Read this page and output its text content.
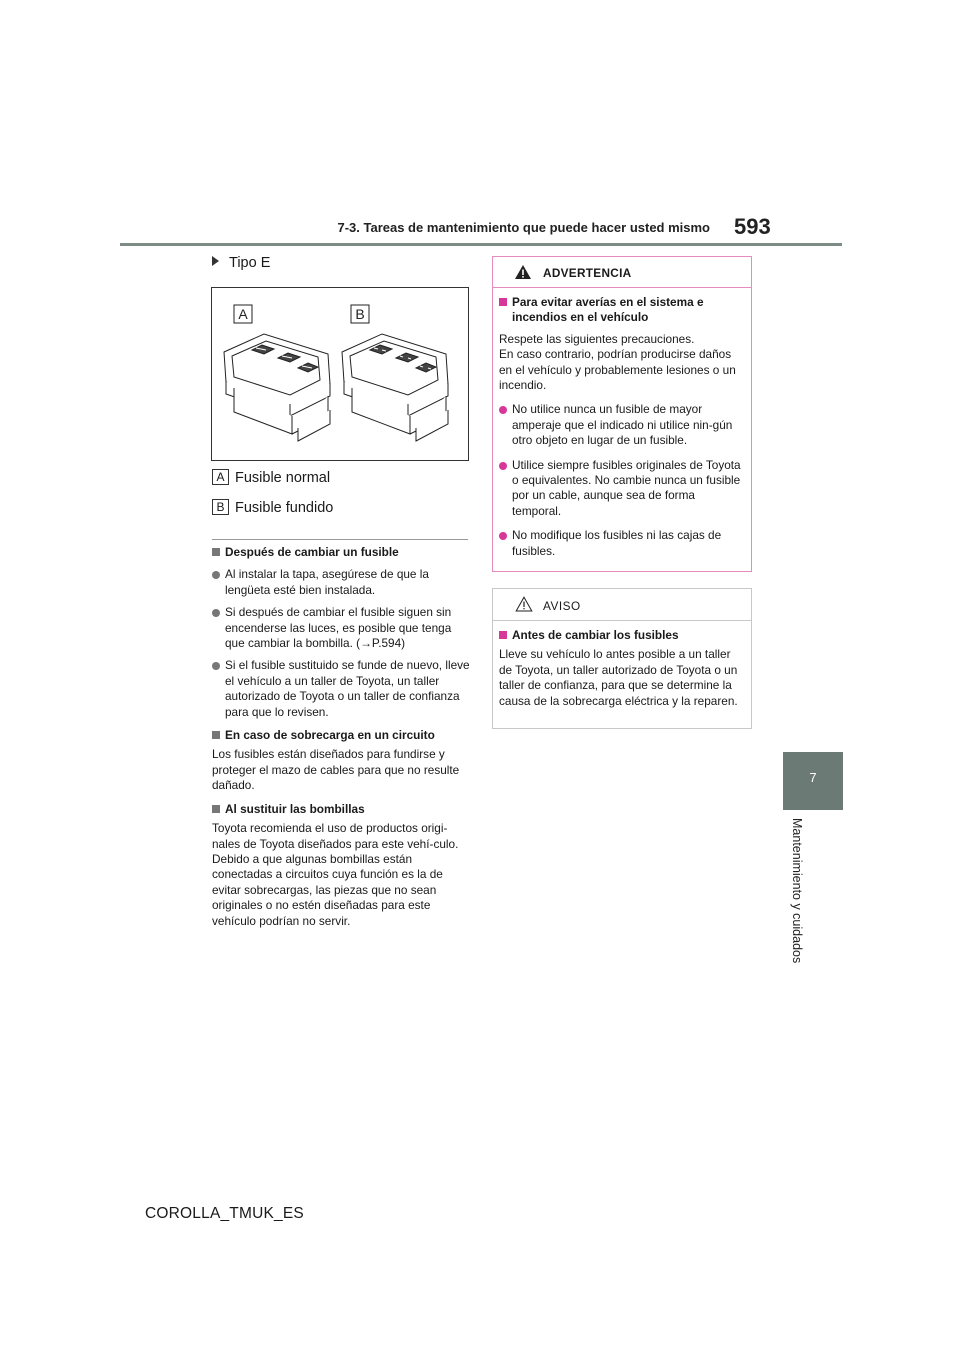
7-3. Tareas de mantenimiento que puede hacer usted mismo 593
7
Mantenimiento y cuidados
Tipo E
A	B
A Fusible normal
B Fusible fundido

Después de cambiar un fusible

Al instalar la tapa, asegúrese de que la lengüeta esté bien instalada.

Si después de cambiar el fusible siguen sin encenderse las luces, es posible que tenga que cambiar la bombilla. (→P.594)

Si el fusible sustituido se funde de nuevo, lleve el vehículo a un taller de Toyota, un taller autorizado de Toyota o un taller de confianza para que lo revisen.

En caso de sobrecarga en un circuito

Los fusibles están diseñados para fundirse y proteger el mazo de cables para que no resulte dañado.

Al sustituir las bombillas

Toyota recomienda el uso de productos origi-nales de Toyota diseñados para este vehí-culo.

Debido a que algunas bombillas están conectadas a circuitos cuya función es la de evitar sobrecargas, las piezas que no sean originales o no estén diseñadas para este vehículo podrían no servir.

ADVERTENCIA

Para evitar averías en el sistema e incendios en el vehículo

Respete las siguientes precauciones.

En caso contrario, podrían producirse daños en el vehículo y probablemente lesiones o un incendio.

No utilice nunca un fusible de mayor amperaje que el indicado ni utilice nin-gún otro objeto en lugar de un fusible.

Utilice siempre fusibles originales de Toyota o equivalentes. No cambie nunca un fusible por un cable, aunque sea de forma temporal.

No modifique los fusibles ni las cajas de fusibles.

AVISO

Antes de cambiar los fusibles

Lleve su vehículo lo antes posible a un taller de Toyota, un taller autorizado de Toyota o un taller de confianza, para que se determine la causa de la sobrecarga eléctrica y la reparen.

COROLLA_TMUK_ES
